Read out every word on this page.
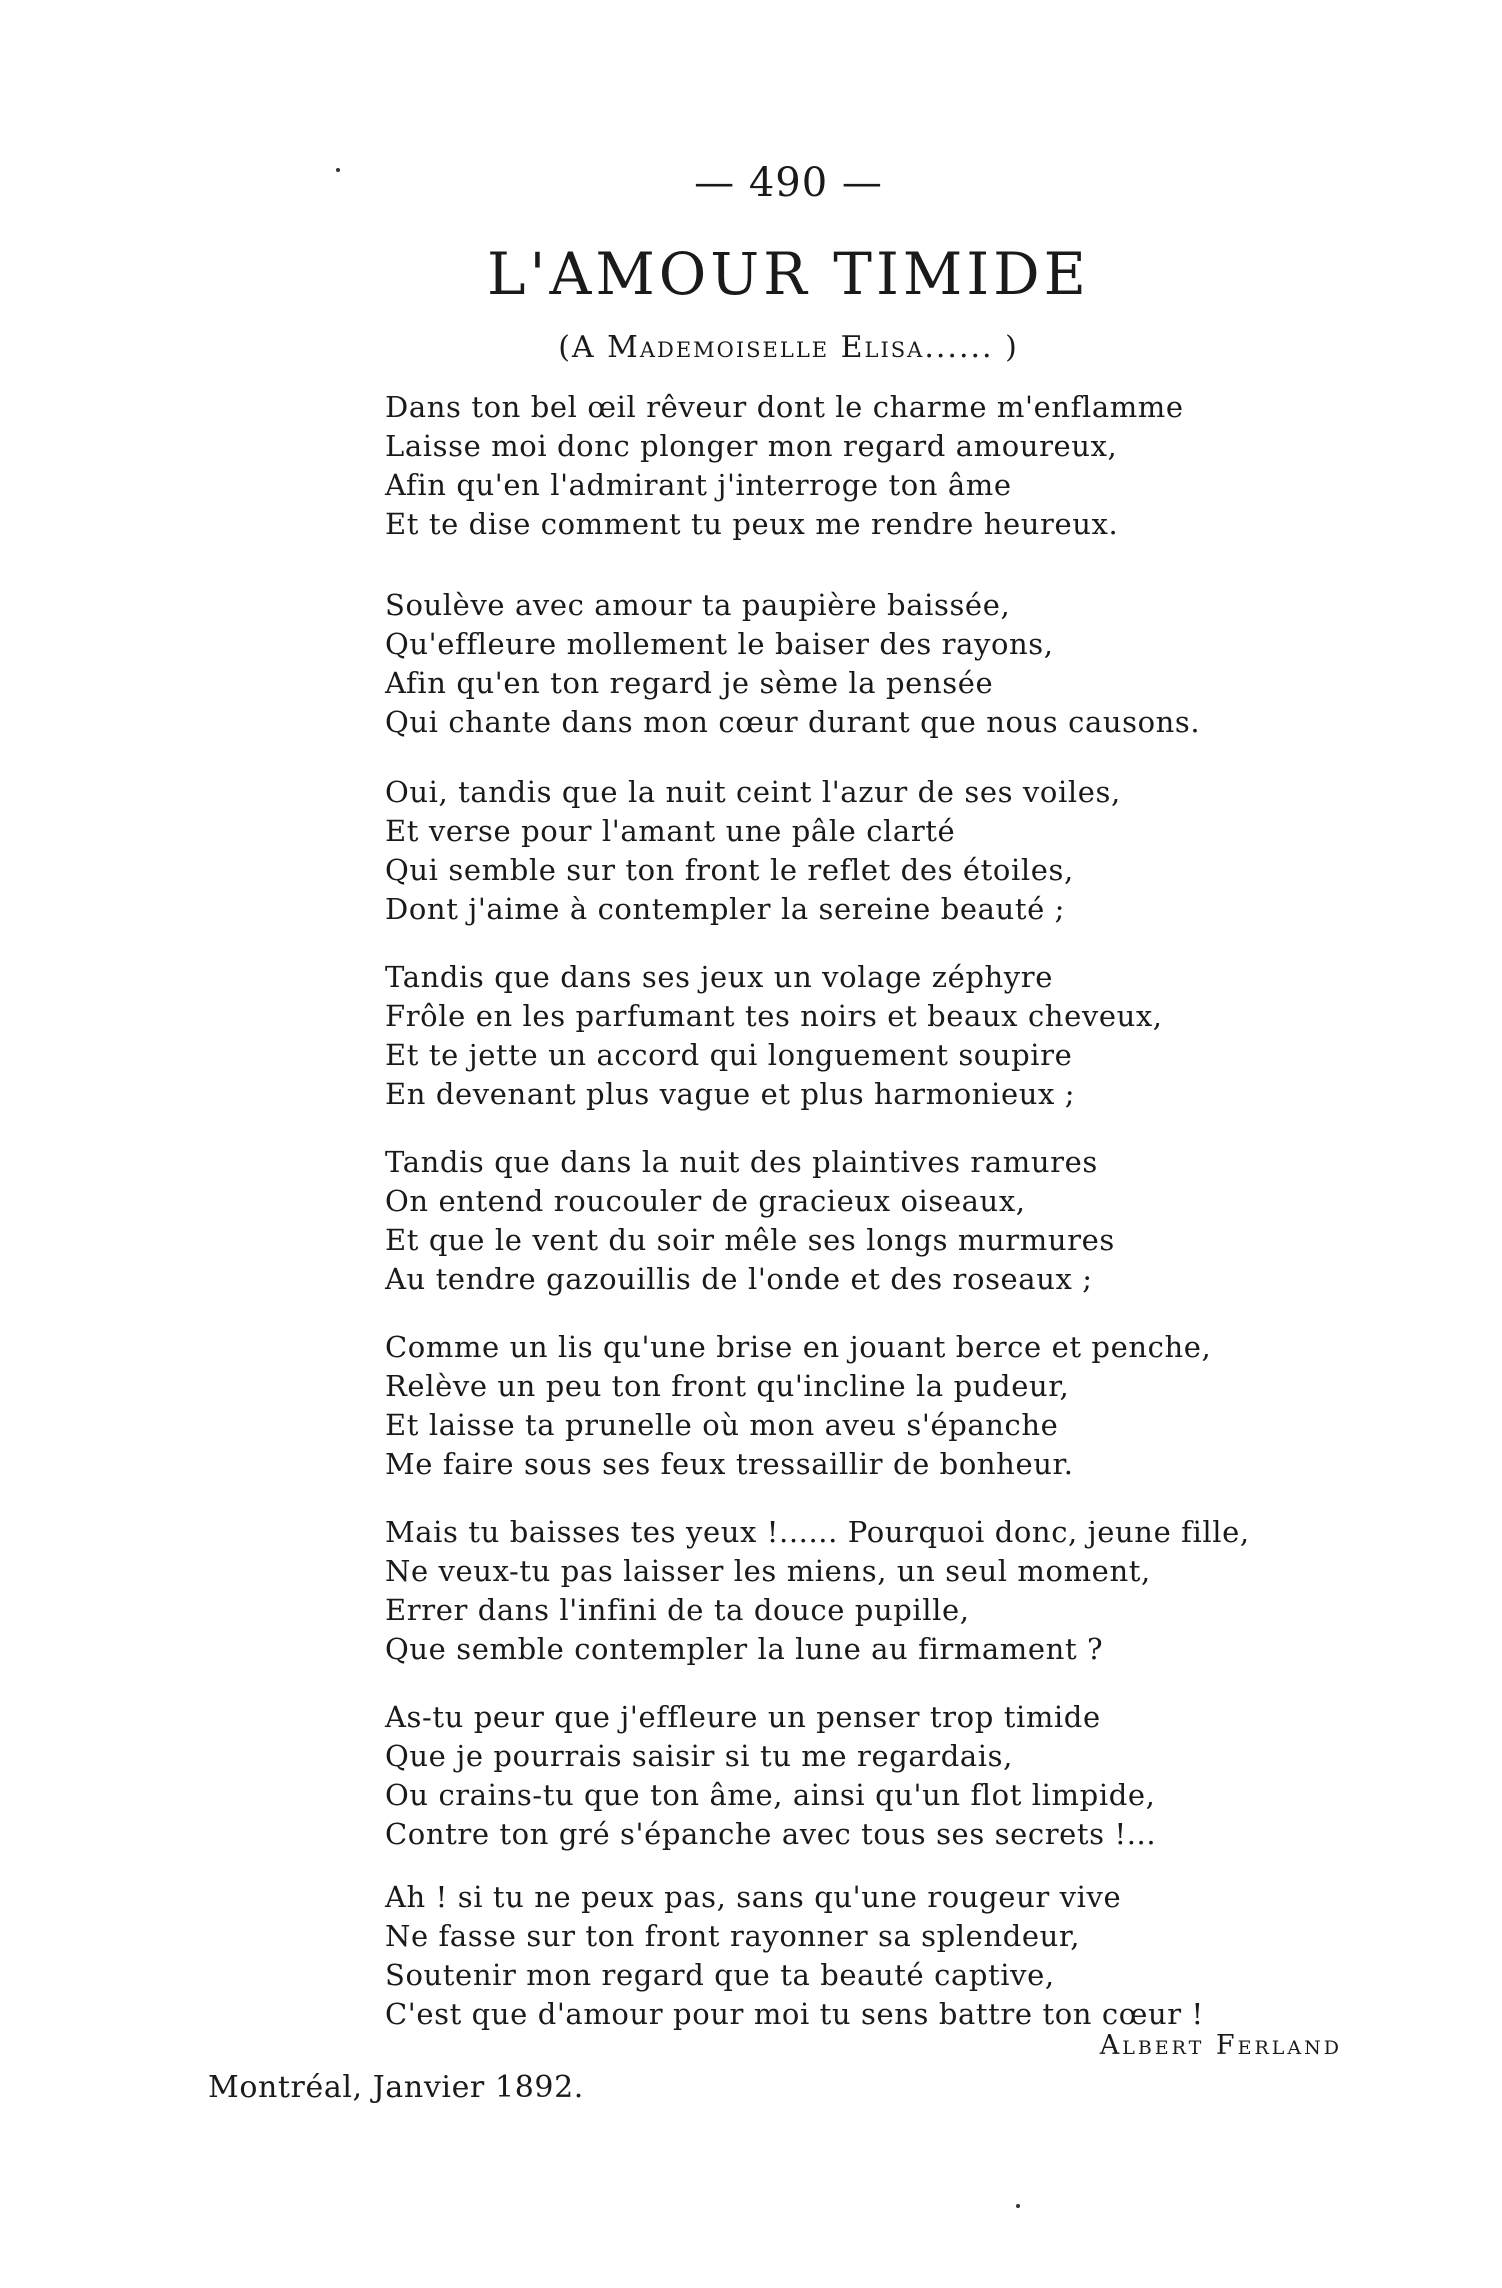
— 490 —
L'AMOUR TIMIDE
(A Mademoiselle Elisa...... )
Dans ton bel œil rêveur dont le charme m'enflamme
Laisse moi donc plonger mon regard amoureux,
Afin qu'en l'admirant j'interroge ton âme
Et te dise comment tu peux me rendre heureux.
Soulève avec amour ta paupière baissée,
Qu'effleure mollement le baiser des rayons,
Afin qu'en ton regard je sème la pensée
Qui chante dans mon cœur durant que nous causons.
Oui, tandis que la nuit ceint l'azur de ses voiles,
Et verse pour l'amant une pâle clarté
Qui semble sur ton front le reflet des étoiles,
Dont j'aime à contempler la sereine beauté ;
Tandis que dans ses jeux un volage zéphyre
Frôle en les parfumant tes noirs et beaux cheveux,
Et te jette un accord qui longuement soupire
En devenant plus vague et plus harmonieux ;
Tandis que dans la nuit des plaintives ramures
On entend roucouler de gracieux oiseaux,
Et que le vent du soir mêle ses longs murmures
Au tendre gazouillis de l'onde et des roseaux ;
Comme un lis qu'une brise en jouant berce et penche,
Relève un peu ton front qu'incline la pudeur,
Et laisse ta prunelle où mon aveu s'épanche
Me faire sous ses feux tressaillir de bonheur.
Mais tu baisses tes yeux !...... Pourquoi donc, jeune fille,
Ne veux-tu pas laisser les miens, un seul moment,
Errer dans l'infini de ta douce pupille,
Que semble contempler la lune au firmament ?
As-tu peur que j'effleure un penser trop timide
Que je pourrais saisir si tu me regardais,
Ou crains-tu que ton âme, ainsi qu'un flot limpide,
Contre ton gré s'épanche avec tous ses secrets !...
Ah ! si tu ne peux pas, sans qu'une rougeur vive
Ne fasse sur ton front rayonner sa splendeur,
Soutenir mon regard que ta beauté captive,
C'est que d'amour pour moi tu sens battre ton cœur !
Albert Ferland
Montréal, Janvier 1892.
